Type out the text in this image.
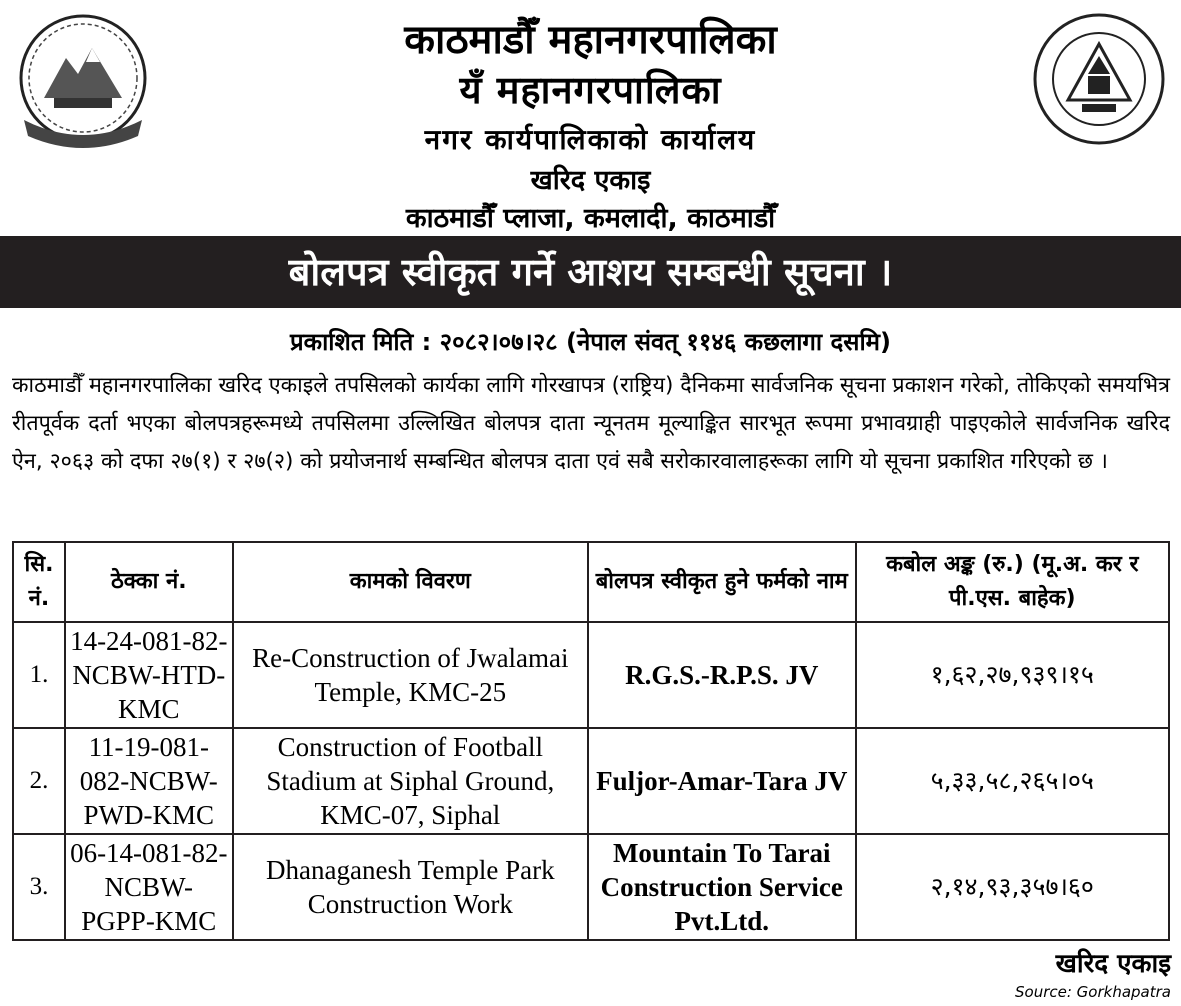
काठमाडौँ महानगरपालिका
यँ महानगरपालिका
नगर कार्यपालिकाको कार्यालय
खरिद एकाइ
काठमाडौँ प्लाजा, कमलादी, काठमाडौँ
बोलपत्र स्वीकृत गर्ने आशय सम्बन्धी सूचना ।
प्रकाशित मिति : २०८२।०७।२८ (नेपाल संवत् ११४६ कछलागा दसमि)
काठमाडौँ महानगरपालिका खरिद एकाइले तपसिलको कार्यका लागि गोरखापत्र (राष्ट्रिय) दैनिकमा सार्वजनिक सूचना प्रकाशन गरेको, तोकिएको समयभित्र रीतपूर्वक दर्ता भएका बोलपत्रहरूमध्ये तपसिलमा उल्लिखित बोलपत्र दाता न्यूनतम मूल्याङ्कित सारभूत रूपमा प्रभावग्राही पाइएकोले सार्वजनिक खरिद ऐन, २०६३ को दफा २७(१) र २७(२) को प्रयोजनार्थ सम्बन्धित बोलपत्र दाता एवं सबै सरोकारवालाहरूका लागि यो सूचना प्रकाशित गरिएको छ ।
सि. नं.	ठेक्का नं.	कामको विवरण	बोलपत्र स्वीकृत हुने फर्मको नाम	कबोल अङ्क (रु.) (मू.अ. कर र पी.एस. बाहेक)
1.	14-24-081-82-NCBW-HTD-KMC	Re-Construction of Jwalamai Temple, KMC-25	R.G.S.-R.P.S. JV	१,६२,२७,९३९।१५
2.	11-19-081-082-NCBW-PWD-KMC	Construction of Football Stadium at Siphal Ground, KMC-07, Siphal	Fuljor-Amar-Tara JV	५,३३,५८,२६५।०५
3.	06-14-081-82-NCBW-PGPP-KMC	Dhanaganesh Temple Park Construction Work	Mountain To Tarai Construction Service Pvt.Ltd.	२,१४,९३,३५७।६०
खरिद एकाइ
Source: Gorkhapatra
